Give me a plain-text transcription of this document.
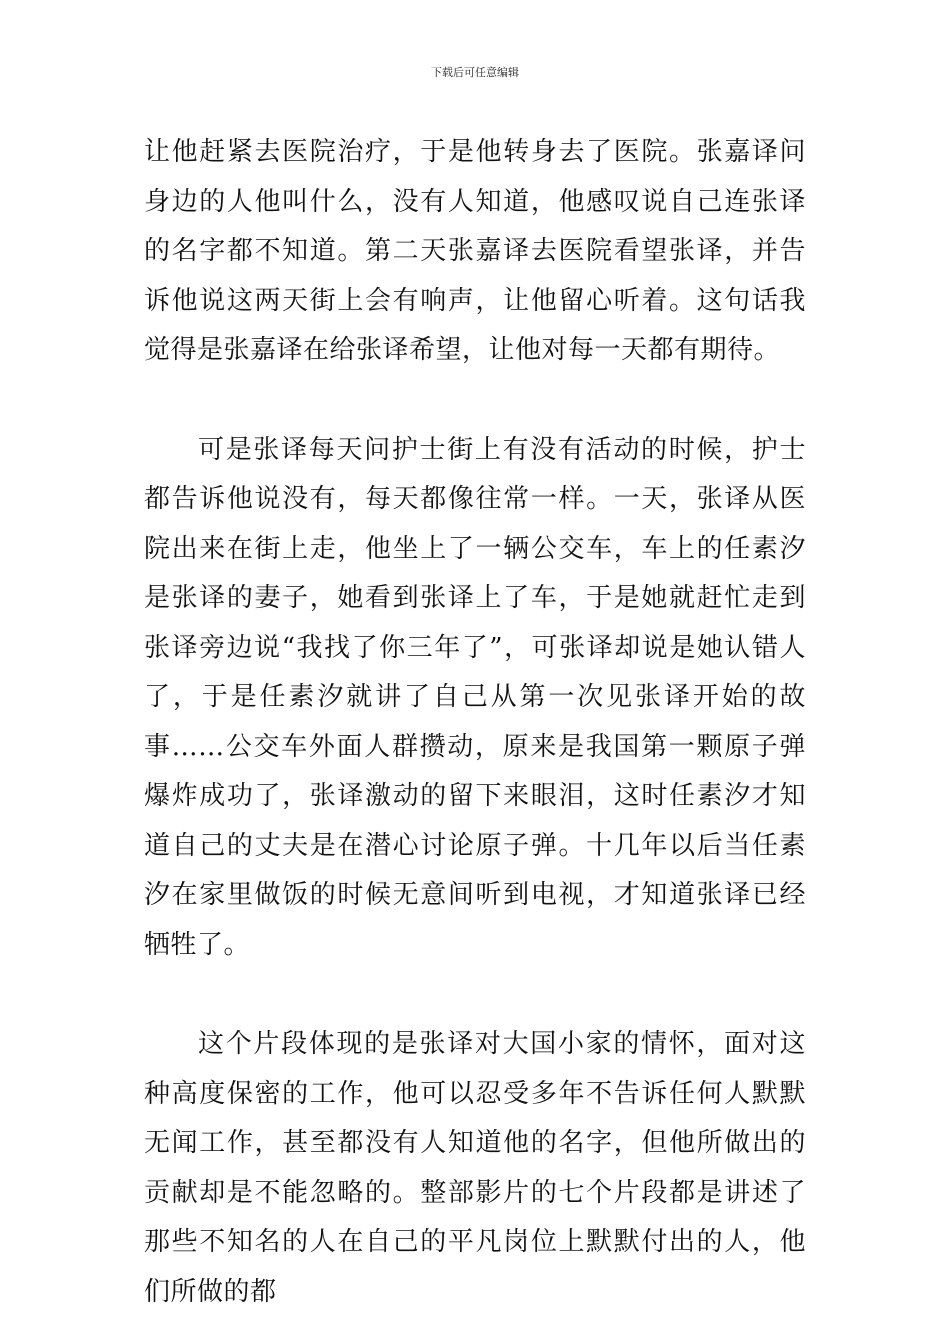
下载后可任意编辑

让他赶紧去医院治疗，于是他转身去了医院。张嘉译问身边的人他叫什么，没有人知道，他感叹说自己连张译的名字都不知道。第二天张嘉译去医院看望张译，并告诉他说这两天街上会有响声，让他留心听着。这句话我觉得是张嘉译在给张译希望，让他对每一天都有期待。

可是张译每天问护士街上有没有活动的时候，护士都告诉他说没有，每天都像往常一样。一天，张译从医院出来在街上走，他坐上了一辆公交车，车上的任素汐是张译的妻子，她看到张译上了车，于是她就赶忙走到张译旁边说“我找了你三年了”，可张译却说是她认错人了，于是任素汐就讲了自己从第一次见张译开始的故事……公交车外面人群攒动，原来是我国第一颗原子弹爆炸成功了，张译激动的留下来眼泪，这时任素汐才知道自己的丈夫是在潜心讨论原子弹。十几年以后当任素汐在家里做饭的时候无意间听到电视，才知道张译已经牺牲了。

这个片段体现的是张译对大国小家的情怀，面对这种高度保密的工作，他可以忍受多年不告诉任何人默默无闻工作，甚至都没有人知道他的名字，但他所做出的贡献却是不能忽略的。整部影片的七个片段都是讲述了那些不知名的人在自己的平凡岗位上默默付出的人，他们所做的都
